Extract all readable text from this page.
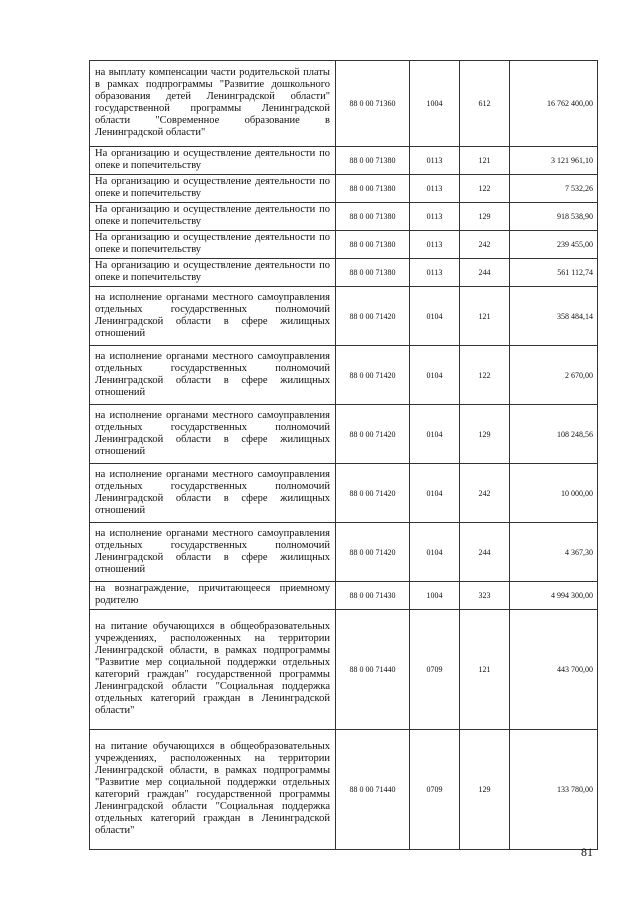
на выплату компенсации части родительской платы в рамках подпрограммы "Развитие дошкольного образования детей Ленинградской области" государственной программы Ленинградской области "Современное образование в Ленинградской области"	88 0 00 71360	1004	612	16 762 400,00
На организацию и осуществление деятельности по опеке и попечительству	88 0 00 71380	0113	121	3 121 961,10
На организацию и осуществление деятельности по опеке и попечительству	88 0 00 71380	0113	122	7 532,26
На организацию и осуществление деятельности по опеке и попечительству	88 0 00 71380	0113	129	918 538,90
На организацию и осуществление деятельности по опеке и попечительству	88 0 00 71380	0113	242	239 455,00
На организацию и осуществление деятельности по опеке и попечительству	88 0 00 71380	0113	244	561 112,74
на исполнение органами местного самоуправления отдельных государственных полномочий Ленинградской области в сфере жилищных отношений	88 0 00 71420	0104	121	358 484,14
на исполнение органами местного самоуправления отдельных государственных полномочий Ленинградской области в сфере жилищных отношений	88 0 00 71420	0104	122	2 670,00
на исполнение органами местного самоуправления отдельных государственных полномочий Ленинградской области в сфере жилищных отношений	88 0 00 71420	0104	129	108 248,56
на исполнение органами местного самоуправления отдельных государственных полномочий Ленинградской области в сфере жилищных отношений	88 0 00 71420	0104	242	10 000,00
на исполнение органами местного самоуправления отдельных государственных полномочий Ленинградской области в сфере жилищных отношений	88 0 00 71420	0104	244	4 367,30
на вознаграждение, причитающееся приемному родителю	88 0 00 71430	1004	323	4 994 300,00
на питание обучающихся в общеобразовательных учреждениях, расположенных на территории Ленинградской области, в рамках подпрограммы "Развитие мер социальной поддержки отдельных категорий граждан" государственной программы Ленинградской области "Социальная поддержка отдельных категорий граждан в Ленинградской области"	88 0 00 71440	0709	121	443 700,00
на питание обучающихся в общеобразовательных учреждениях, расположенных на территории Ленинградской области, в рамках подпрограммы "Развитие мер социальной поддержки отдельных категорий граждан" государственной программы Ленинградской области "Социальная поддержка отдельных категорий граждан в Ленинградской области"	88 0 00 71440	0709	129	133 780,00
81
